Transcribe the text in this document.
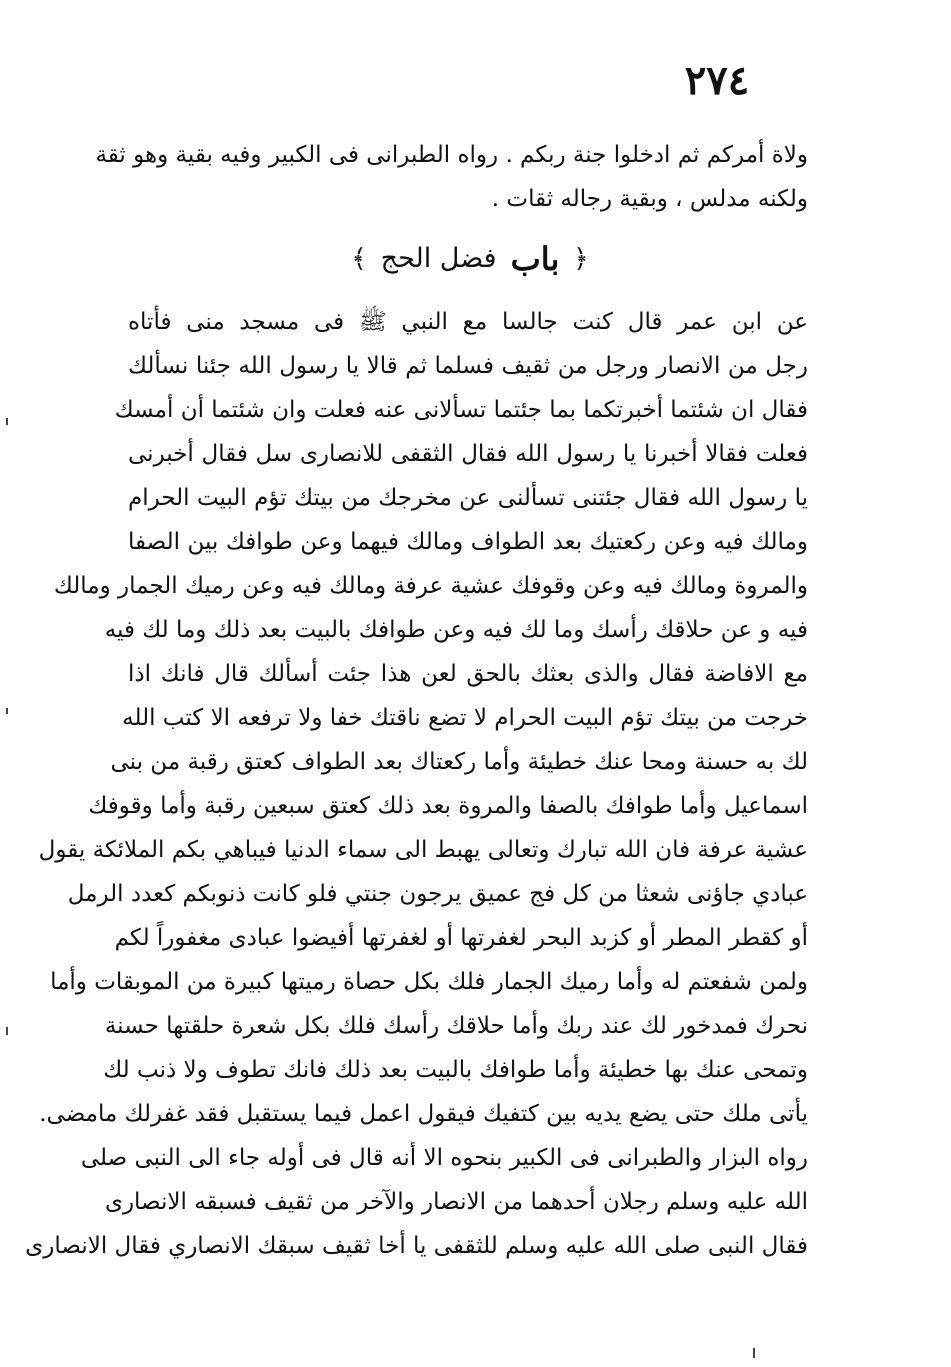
٢٧٤
ولاة أمركم ثم ادخلوا جنة ربكم . رواه الطبرانى فى الكبير وفيه بقية وهو ثقة
ولكنه مدلس ، وبقية رجاله ثقات .
﴿
باب
فضل الحج
﴾
عن ابن عمر قال كنت جالسا مع النبي ﷺ فى مسجد منى فأتاه
رجل من الانصار ورجل من ثقيف فسلما ثم قالا يا رسول الله جئنا نسألك
فقال ان شئتما أخبرتكما بما جئتما تسألانى عنه فعلت وان شئتما أن أمسك
فعلت فقالا أخبرنا يا رسول الله فقال الثقفى للانصارى سل فقال أخبرنى
يا رسول الله فقال جئتنى تسألنى عن مخرجك من بيتك تؤم البيت الحرام
ومالك فيه وعن ركعتيك بعد الطواف ومالك فيهما وعن طوافك بين الصفا
والمروة ومالك فيه وعن وقوفك عشية عرفة ومالك فيه وعن رميك الجمار ومالك
فيه و عن حلاقك رأسك وما لك فيه وعن طوافك بالبيت بعد ذلك وما لك فيه
مع الافاضة فقال والذى بعثك بالحق لعن هذا جئت أسألك قال فانك اذا
خرجت من بيتك تؤم البيت الحرام لا تضع ناقتك خفا ولا ترفعه الا كتب الله
لك به حسنة ومحا عنك خطيئة وأما ركعتاك بعد الطواف كعتق رقبة من بنى
اسماعيل وأما طوافك بالصفا والمروة بعد ذلك كعتق سبعين رقبة وأما وقوفك
عشية عرفة فان الله تبارك وتعالى يهبط الى سماء الدنيا فيباهي بكم الملائكة يقول
عبادي جاؤنى شعثا من كل فج عميق يرجون جنتي فلو كانت ذنوبكم كعدد الرمل
أو كقطر المطر أو كزبد البحر لغفرتها أو لغفرتها أفيضوا عبادى مغفوراً لكم
ولمن شفعتم له وأما رميك الجمار فلك بكل حصاة رميتها كبيرة من الموبقات وأما
نحرك فمدخور لك عند ربك وأما حلاقك رأسك فلك بكل شعرة حلقتها حسنة
وتمحى عنك بها خطيئة وأما طوافك بالبيت بعد ذلك فانك تطوف ولا ذنب لك
يأتى ملك حتى يضع يديه بين كتفيك فيقول اعمل فيما يستقبل فقد غفرلك مامضى.
رواه البزار والطبرانى فى الكبير بنحوه الا أنه قال فى أوله جاء الى النبى صلى
الله عليه وسلم رجلان أحدهما من الانصار والآخر من ثقيف فسبقه الانصارى
فقال النبى صلى الله عليه وسلم للثقفى يا أخا ثقيف سبقك الانصاري فقال الانصارى
